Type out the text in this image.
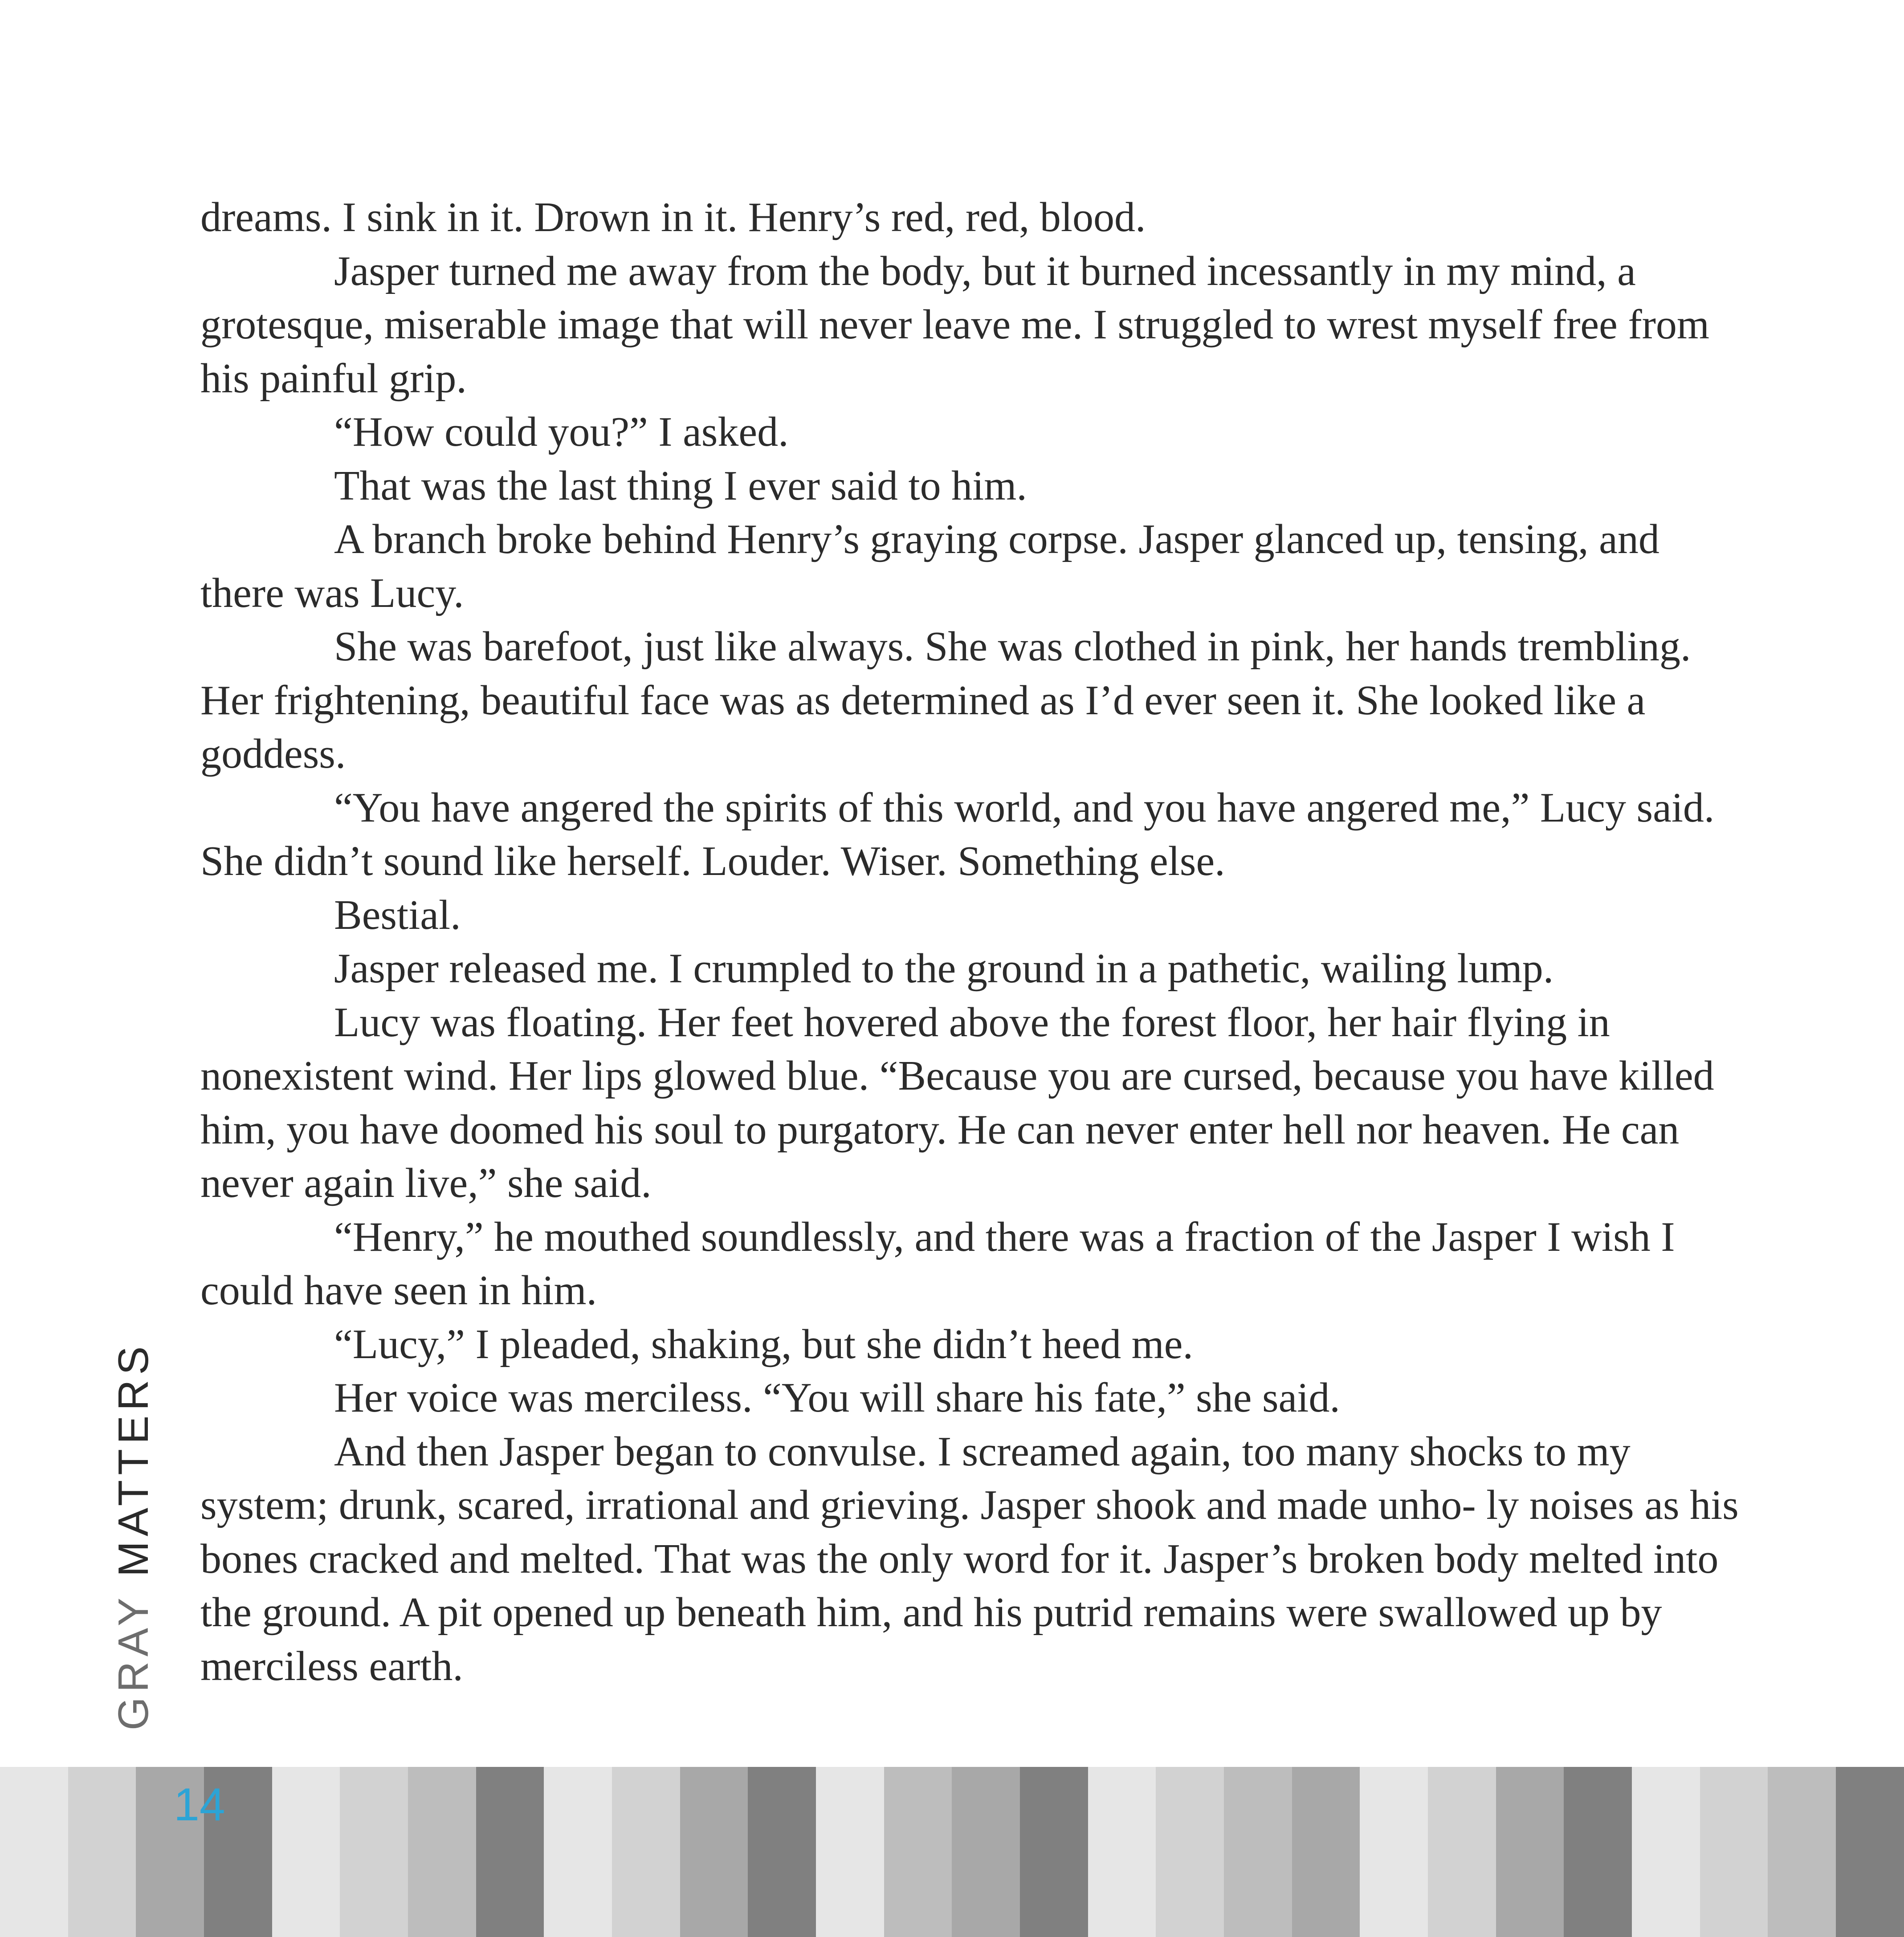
dreams. I sink in it. Drown in it. Henry’s red, red, blood.

Jasper turned me away from the body, but it burned incessantly in my mind, a grotesque, miserable image that will never leave me. I struggled to wrest myself free from his painful grip.

“How could you?” I asked.

That was the last thing I ever said to him.

A branch broke behind Henry’s graying corpse. Jasper glanced up, tensing, and there was Lucy.

She was barefoot, just like always. She was clothed in pink, her hands trembling. Her frightening, beautiful face was as determined as I’d ever seen it. She looked like a goddess.

“You have angered the spirits of this world, and you have angered me,” Lucy said. She didn’t sound like herself. Louder. Wiser. Something else.

Bestial.

Jasper released me. I crumpled to the ground in a pathetic, wailing lump.

Lucy was floating. Her feet hovered above the forest floor, her hair flying in nonexistent wind. Her lips glowed blue. “Because you are cursed, because you have killed him, you have doomed his soul to purgatory. He can never enter hell nor heaven. He can never again live,” she said.

“Henry,” he mouthed soundlessly, and there was a fraction of the Jasper I wish I could have seen in him.

“Lucy,” I pleaded, shaking, but she didn’t heed me.

Her voice was merciless. “You will share his fate,” she said.

And then Jasper began to convulse. I screamed again, too many shocks to my system; drunk, scared, irrational and grieving. Jasper shook and made unho- ly noises as his bones cracked and melted. That was the only word for it. Jasper’s broken body melted into the ground. A pit opened up beneath him, and his putrid remains were swallowed up by merciless earth.

GRAY MATTERS
14
